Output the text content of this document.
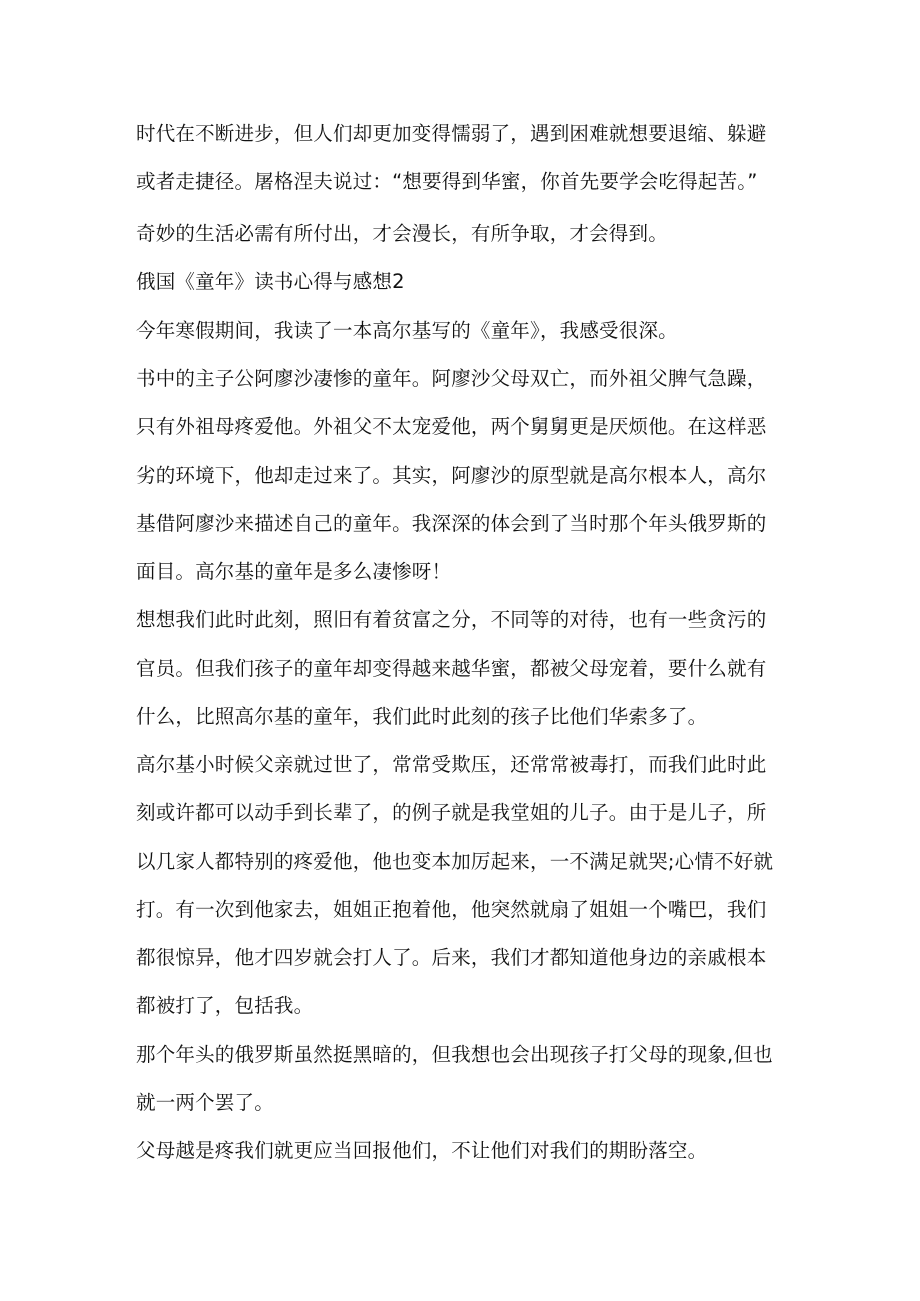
时代在不断进步，但人们却更加变得懦弱了，遇到困难就想要退缩、躲避
或者走捷径。屠格涅夫说过：“想要得到华蜜，你首先要学会吃得起苦。”
奇妙的生活必需有所付出，才会漫长，有所争取，才会得到。
俄国《童年》读书心得与感想2
今年寒假期间，我读了一本高尔基写的《童年》，我感受很深。
书中的主子公阿廖沙凄惨的童年。阿廖沙父母双亡，而外祖父脾气急躁，
只有外祖母疼爱他。外祖父不太宠爱他，两个舅舅更是厌烦他。在这样恶
劣的环境下，他却走过来了。其实，阿廖沙的原型就是高尔根本人，高尔
基借阿廖沙来描述自己的童年。我深深的体会到了当时那个年头俄罗斯的
面目。高尔基的童年是多么凄惨呀！
想想我们此时此刻，照旧有着贫富之分，不同等的对待，也有一些贪污的
官员。但我们孩子的童年却变得越来越华蜜，都被父母宠着，要什么就有
什么，比照高尔基的童年，我们此时此刻的孩子比他们华索多了。
高尔基小时候父亲就过世了，常常受欺压，还常常被毒打，而我们此时此
刻或许都可以动手到长辈了，的例子就是我堂姐的儿子。由于是儿子，所
以几家人都特别的疼爱他，他也变本加厉起来，一不满足就哭;心情不好就
打。有一次到他家去，姐姐正抱着他，他突然就扇了姐姐一个嘴巴，我们
都很惊异，他才四岁就会打人了。后来，我们才都知道他身边的亲戚根本
都被打了，包括我。
那个年头的俄罗斯虽然挺黑暗的，但我想也会出现孩子打父母的现象,但也
就一两个罢了。
父母越是疼我们就更应当回报他们，不让他们对我们的期盼落空。
